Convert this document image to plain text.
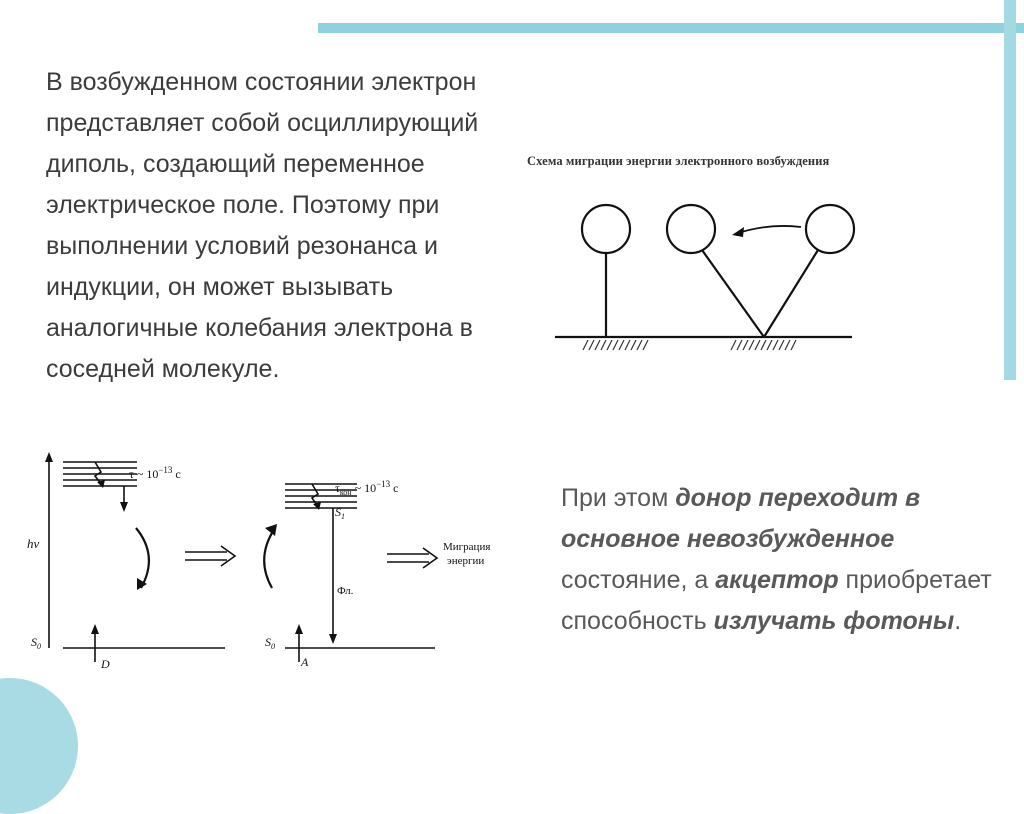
В возбужденном состоянии электрон представляет собой осциллирующий диполь, создающий переменное электрическое поле. Поэтому при выполнении условий резонанса и индукции, он может вызывать аналогичные колебания электрона в соседней молекуле.
При этом донор переходит в основное невозбужденное состояние, а акцептор приобретает способность излучать фотоны.
Схема миграции энергии электронного возбуждения
hν
τ ~ $10^{-13}$ с
$\tau_{кон}$ ~ $10^{-13}$ с
$S_1$
$S_0$	$S_0$
D	A
Фл.
Миграция
энергии
